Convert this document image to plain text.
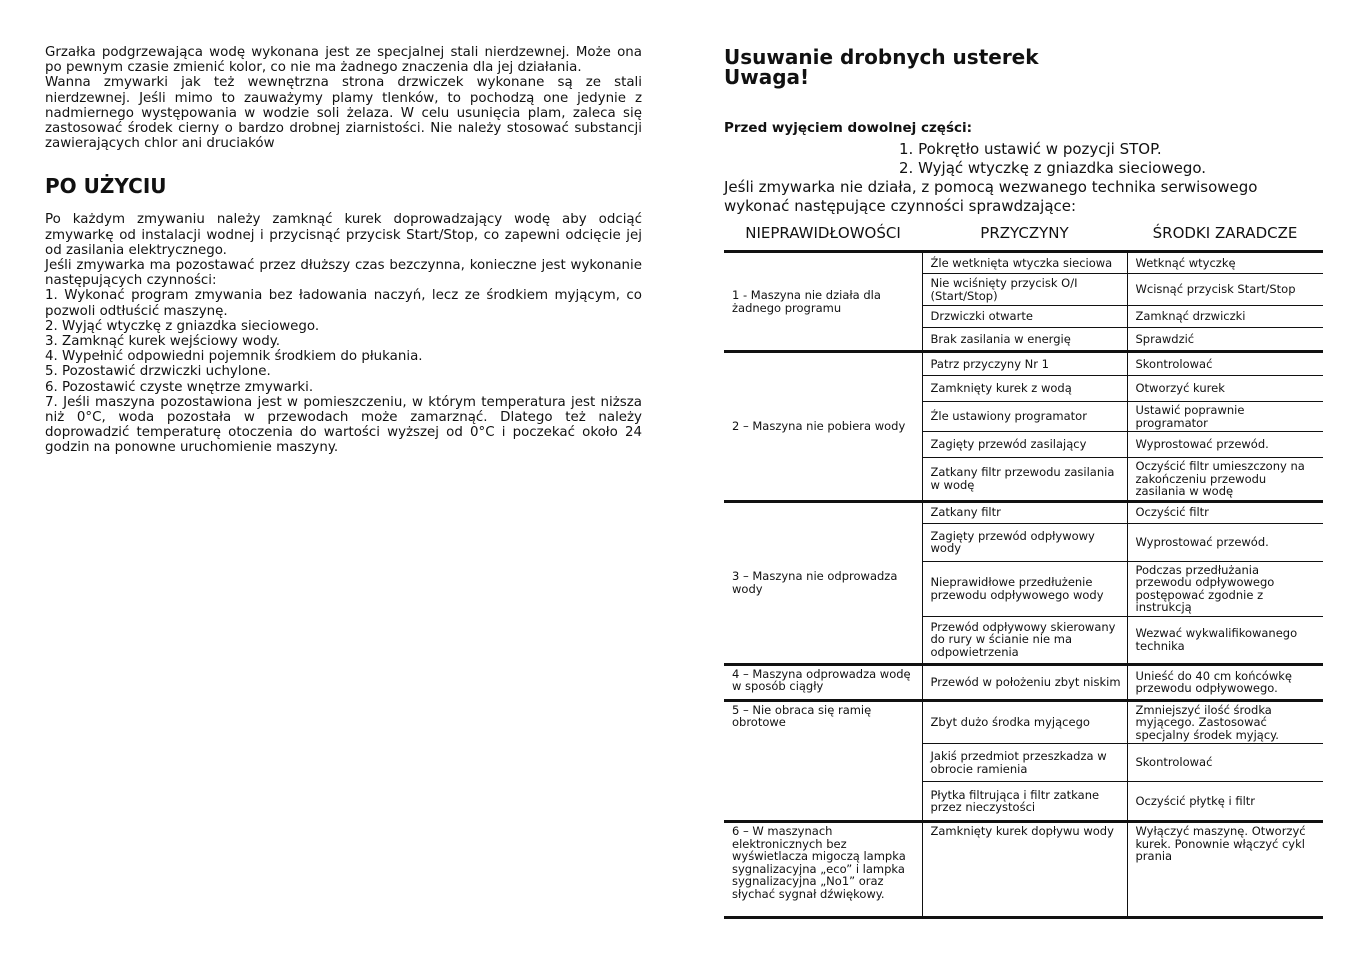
Grzałka podgrzewająca wodę wykonana jest ze specjalnej stali nierdzewnej. Może ona po pewnym czasie zmienić kolor, co nie ma żadnego znaczenia dla jej działania.

Wanna zmywarki jak też wewnętrzna strona drzwiczek wykonane są ze stali nierdzewnej. Jeśli mimo to zauważymy plamy tlenków, to pochodzą one jedynie z nadmiernego występowania w wodzie soli żelaza. W celu usunięcia plam, zaleca się zastosować środek cierny o bardzo drobnej ziarnistości. Nie należy stosować substancji zawierających chlor ani druciaków

PO UŻYCIU

Po każdym zmywaniu należy zamknąć kurek doprowadzający wodę aby odciąć zmywarkę od instalacji wodnej i przycisnąć przycisk Start/Stop, co zapewni odcięcie jej od zasilania elektrycznego.

Jeśli zmywarka ma pozostawać przez dłuższy czas bezczynna, konieczne jest wykonanie następujących czynności:

1. Wykonać program zmywania bez ładowania naczyń, lecz ze środkiem myjącym, co pozwoli odtłuścić maszynę.

2. Wyjąć wtyczkę z gniazdka sieciowego.

3. Zamknąć kurek wejściowy wody.

4. Wypełnić odpowiedni pojemnik środkiem do płukania.

5. Pozostawić drzwiczki uchylone.

6. Pozostawić czyste wnętrze zmywarki.

7. Jeśli maszyna pozostawiona jest w pomieszczeniu, w którym temperatura jest niższa niż 0°C, woda pozostała w przewodach może zamarznąć. Dlatego też należy doprowadzić temperaturę otoczenia do wartości wyższej od 0°C i poczekać około 24 godzin na ponowne uruchomienie maszyny.

Usuwanie drobnych usterek
Uwaga!
Przed wyjęciem dowolnej części:
1. Pokrętło ustawić w pozycji STOP.
2. Wyjąć wtyczkę z gniazdka sieciowego.

Jeśli zmywarka nie działa, z pomocą wezwanego technika serwisowego wykonać następujące czynności sprawdzające:

NIEPRAWIDŁOWOŚCI	PRZYCZYNY	ŚRODKI ZARADCZE
1 - Maszyna nie działa dla żadnego programu	Źle wetknięta wtyczka sieciowa	Wetknąć wtyczkę
	Nie wciśnięty przycisk O/I (Start/Stop)	Wcisnąć przycisk Start/Stop
	Drzwiczki otwarte	Zamknąć drzwiczki
	Brak zasilania w energię	Sprawdzić
2 – Maszyna nie pobiera wody	Patrz przyczyny Nr 1	Skontrolować
	Zamknięty kurek z wodą	Otworzyć kurek
	Źle ustawiony programator	Ustawić poprawnie programator
	Zagięty przewód zasilający	Wyprostować przewód.
	Zatkany filtr przewodu zasilania w wodę	Oczyścić filtr umieszczony na zakończeniu przewodu zasilania w wodę
3 – Maszyna nie odprowadza wody	Zatkany filtr	Oczyścić filtr
	Zagięty przewód odpływowy wody	Wyprostować przewód.
	Nieprawidłowe przedłużenie przewodu odpływowego wody	Podczas przedłużania przewodu odpływowego postępować zgodnie z instrukcją
	Przewód odpływowy skierowany do rury w ścianie nie ma odpowietrzenia	Wezwać wykwalifikowanego technika
4 – Maszyna odprowadza wodę w sposób ciągły	Przewód w położeniu zbyt niskim	Unieść do 40 cm końcówkę przewodu odpływowego.
5 – Nie obraca się ramię obrotowe	Zbyt dużo środka myjącego	Zmniejszyć ilość środka myjącego. Zastosować specjalny środek myjący.
	Jakiś przedmiot przeszkadza w obrocie ramienia	Skontrolować
	Płytka filtrująca i filtr zatkane przez nieczystości	Oczyścić płytkę i filtr
6 – W maszynach elektronicznych bez wyświetlacza migoczą lampka sygnalizacyjna „eco” i lampka sygnalizacyjna „No1” oraz słychać sygnał dźwiękowy.	Zamknięty kurek dopływu wody	Wyłączyć maszynę. Otworzyć kurek. Ponownie włączyć cykl prania
